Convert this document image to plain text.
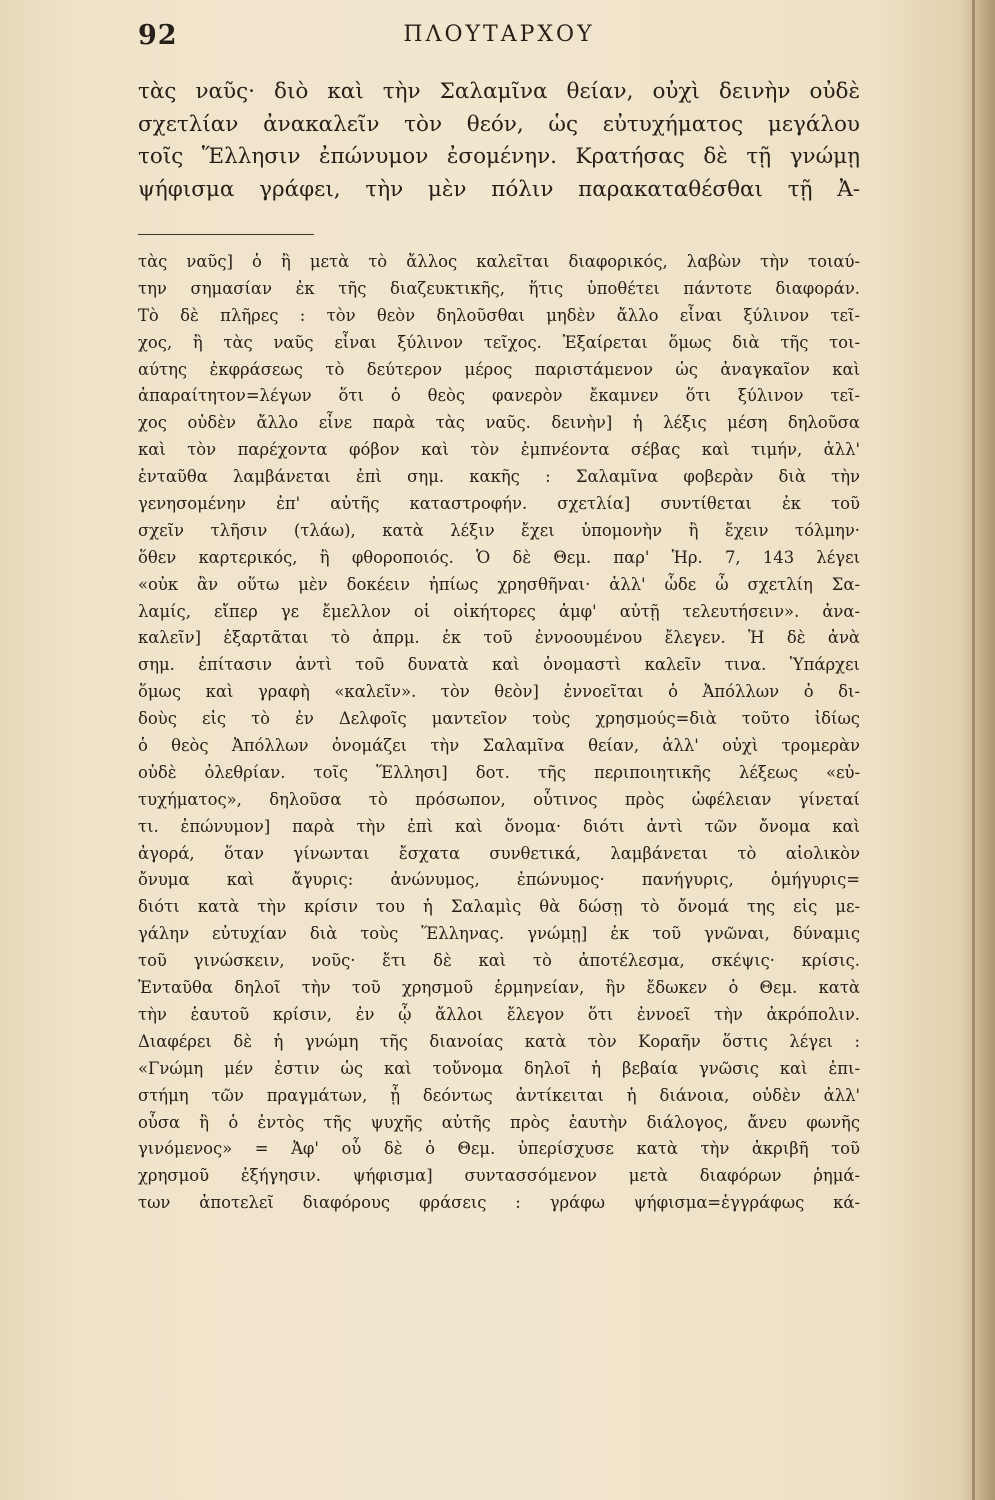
92	ΠΛΟΥΤΑΡΧΟΥ
τὰς ναῦς· διὸ καὶ τὴν Σαλαμῖνα θείαν, οὐχὶ δεινὴν οὐδὲ
σχετλίαν ἀνακαλεῖν τὸν θεόν, ὡς εὐτυχήματος μεγάλου
τοῖς Ἕλλησιν ἐπώνυμον ἐσομένην. Κρατήσας δὲ τῇ γνώμῃ
ψήφισμα γράφει, τὴν μὲν πόλιν παρακαταθέσθαι τῇ Ἀ-
τὰς ναῦς] ὁ ἢ μετὰ τὸ ἄλλος καλεῖται διαφορικός, λαβὼν τὴν τοιαύ-
την σημασίαν ἐκ τῆς διαζευκτικῆς, ἥτις ὑποθέτει πάντοτε διαφοράν.
Τὸ δὲ πλῆρες : τὸν θεὸν δηλοῦσθαι μηδὲν ἄλλο εἶναι ξύλινον τεῖ-
χος, ἢ τὰς ναῦς εἶναι ξύλινον τεῖχος. Ἐξαίρεται ὅμως διὰ τῆς τοι-
αύτης ἐκφράσεως τὸ δεύτερον μέρος παριστάμενον ὡς ἀναγκαῖον καὶ
ἀπαραίτητον=λέγων ὅτι ὁ θεὸς φανερὸν ἔκαμνεν ὅτι ξύλινον τεῖ-
χος οὐδὲν ἄλλο εἶνε παρὰ τὰς ναῦς. δεινὴν] ἡ λέξις μέση δηλοῦσα
καὶ τὸν παρέχοντα φόβον καὶ τὸν ἐμπνέοντα σέβας καὶ τιμήν, ἀλλ'
ἐνταῦθα λαμβάνεται ἐπὶ σημ. κακῆς : Σαλαμῖνα φοβερὰν διὰ τὴν
γενησομένην ἐπ' αὐτῆς καταστροφήν. σχετλία] συντίθεται ἐκ τοῦ
σχεῖν τλῆσιν (τλάω), κατὰ λέξιν ἔχει ὑπομονὴν ἢ ἔχειν τόλμην·
ὅθεν καρτερικός, ἢ φθοροποιός. Ὁ δὲ Θεμ. παρ' Ἡρ. 7, 143 λέγει
«οὐκ ἂν οὕτω μὲν δοκέειν ἠπίως χρησθῆναι· ἀλλ' ὧδε ὦ σχετλίη Σα-
λαμίς, εἴπερ γε ἔμελλον οἱ οἰκήτορες ἀμφ' αὐτῇ τελευτήσειν». ἀνα-
καλεῖν] ἐξαρτᾶται τὸ ἀπρμ. ἐκ τοῦ ἐννοουμένου ἔλεγεν. Ἡ δὲ ἀνὰ
σημ. ἐπίτασιν ἀντὶ τοῦ δυνατὰ καὶ ὀνομαστὶ καλεῖν τινα. Ὑπάρχει
ὅμως καὶ γραφὴ «καλεῖν». τὸν θεὸν] ἐννοεῖται ὁ Ἀπόλλων ὁ δι-
δοὺς εἰς τὸ ἐν Δελφοῖς μαντεῖον τοὺς χρησμούς=διὰ τοῦτο ἰδίως
ὁ θεὸς Ἀπόλλων ὀνομάζει τὴν Σαλαμῖνα θείαν, ἀλλ' οὐχὶ τρομερὰν
οὐδὲ ὀλεθρίαν. τοῖς Ἕλλησι] δοτ. τῆς περιποιητικῆς λέξεως «εὐ-
τυχήματος», δηλοῦσα τὸ πρόσωπον, οὗτινος πρὸς ὠφέλειαν γίνεταί
τι. ἐπώνυμον] παρὰ τὴν ἐπὶ καὶ ὄνομα· διότι ἀντὶ τῶν ὄνομα καὶ
ἀγορά, ὅταν γίνωνται ἔσχατα συνθετικά, λαμβάνεται τὸ αἰολικὸν
ὄνυμα καὶ ἄγυρις: ἀνώνυμος, ἐπώνυμος· πανήγυρις, ὁμήγυρις=
διότι κατὰ τὴν κρίσιν του ἡ Σαλαμὶς θὰ δώσῃ τὸ ὄνομά της εἰς με-
γάλην εὐτυχίαν διὰ τοὺς Ἕλληνας. γνώμῃ] ἐκ τοῦ γνῶναι, δύναμις
τοῦ γινώσκειν, νοῦς· ἔτι δὲ καὶ τὸ ἀποτέλεσμα, σκέψις· κρίσις.
Ἐνταῦθα δηλοῖ τὴν τοῦ χρησμοῦ ἑρμηνείαν, ἣν ἔδωκεν ὁ Θεμ. κατὰ
τὴν ἑαυτοῦ κρίσιν, ἐν ᾧ ἄλλοι ἔλεγον ὅτι ἐννοεῖ τὴν ἀκρόπολιν.
Διαφέρει δὲ ἡ γνώμη τῆς διανοίας κατὰ τὸν Κοραῆν ὅστις λέγει :
«Γνώμη μέν ἐστιν ὡς καὶ τοὔνομα δηλοῖ ἡ βεβαία γνῶσις καὶ ἐπι-
στήμη τῶν πραγμάτων, ᾗ δεόντως ἀντίκειται ἡ διάνοια, οὐδὲν ἀλλ'
οὖσα ἢ ὁ ἐντὸς τῆς ψυχῆς αὐτῆς πρὸς ἑαυτὴν διάλογος, ἄνευ φωνῆς
γινόμενος» = Ἀφ' οὗ δὲ ὁ Θεμ. ὑπερίσχυσε κατὰ τὴν ἀκριβῆ τοῦ
χρησμοῦ ἐξήγησιν. ψήφισμα] συντασσόμενον μετὰ διαφόρων ῥημά-
των ἀποτελεῖ διαφόρους φράσεις : γράφω ψήφισμα=ἐγγράφως κά-
